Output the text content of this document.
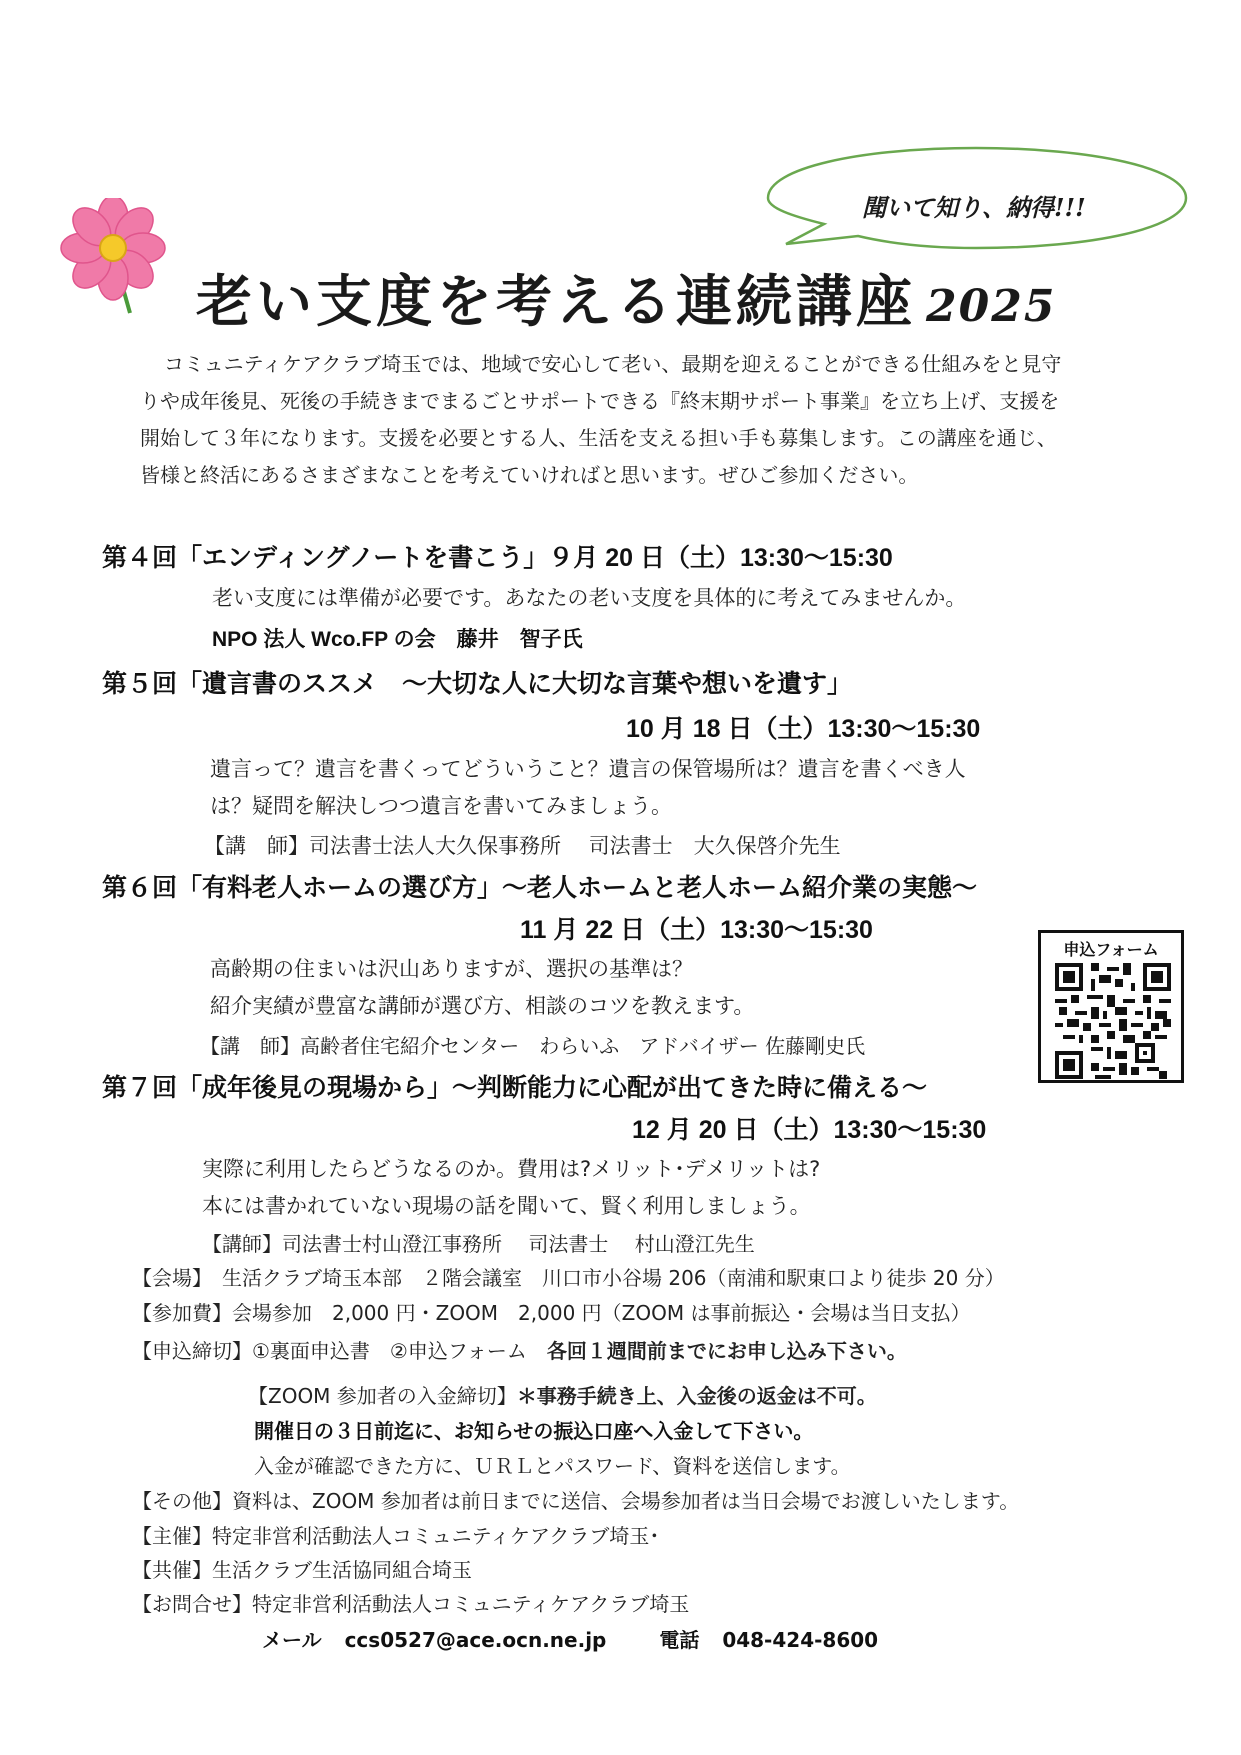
聞いて知り、納得!!!
老い支度を考える連続講座 2025
コミュニティケアクラブ埼玉では、地域で安心して老い、最期を迎えることができる仕組みをと見守
りや成年後見、死後の手続きまでまるごとサポートできる『終末期サポート事業』を立ち上げ、支援を
開始して３年になります。支援を必要とする人、生活を支える担い手も募集します。この講座を通じ、
皆様と終活にあるさまざまなことを考えていければと思います。ぜひご参加ください。
第４回「エンディングノートを書こう」９月 20 日（土）13:30～15:30
老い支度には準備が必要です。あなたの老い支度を具体的に考えてみませんか。
NPO 法人 Wco.FP の会　藤井　智子氏
第５回「遺言書のススメ　～大切な人に大切な言葉や想いを遺す」
10 月 18 日（土）13:30～15:30
遺言って？遺言を書くってどういうこと？遺言の保管場所は？遺言を書くべき人
は？疑問を解決しつつ遺言を書いてみましょう。
【講　師】司法書士法人大久保事務所　 司法書士　大久保啓介先生
第６回「有料老人ホームの選び方」～老人ホームと老人ホーム紹介業の実態～
11 月 22 日（土）13:30～15:30
高齢期の住まいは沢山ありますが、選択の基準は？
紹介実績が豊富な講師が選び方、相談のコツを教えます。
【講　師】高齢者住宅紹介センター　わらいふ　アドバイザー 佐藤剛史氏
申込フォーム
第７回「成年後見の現場から」～判断能力に心配が出てきた時に備える～
12 月 20 日（土）13:30～15:30
実際に利用したらどうなるのか。費用は?メリット･デメリットは?
本には書かれていない現場の話を聞いて、賢く利用しましょう。
【講師】司法書士村山澄江事務所　 司法書士　 村山澄江先生
【会場】　生活クラブ埼玉本部　２階会議室　川口市小谷場 206（南浦和駅東口より徒歩 20 分）
【参加費】会場参加　2,000 円・ZOOM　2,000 円（ZOOM は事前振込・会場は当日支払）
【申込締切】①裏面申込書　②申込フォーム　各回１週間前までにお申し込み下さい。
【ZOOM 参加者の入金締切】＊事務手続き上、入金後の返金は不可。
開催日の３日前迄に、お知らせの振込口座へ入金して下さい。
入金が確認できた方に、ＵＲＬとパスワード、資料を送信します。
【その他】資料は、ZOOM 参加者は前日までに送信、会場参加者は当日会場でお渡しいたします。
【主催】特定非営利活動法人コミュニティケアクラブ埼玉･
【共催】生活クラブ生活協同組合埼玉
【お問合せ】特定非営利活動法人コミュニティケアクラブ埼玉
メール ccs0527@ace.ocn.ne.jp	電話 048-424-8600
